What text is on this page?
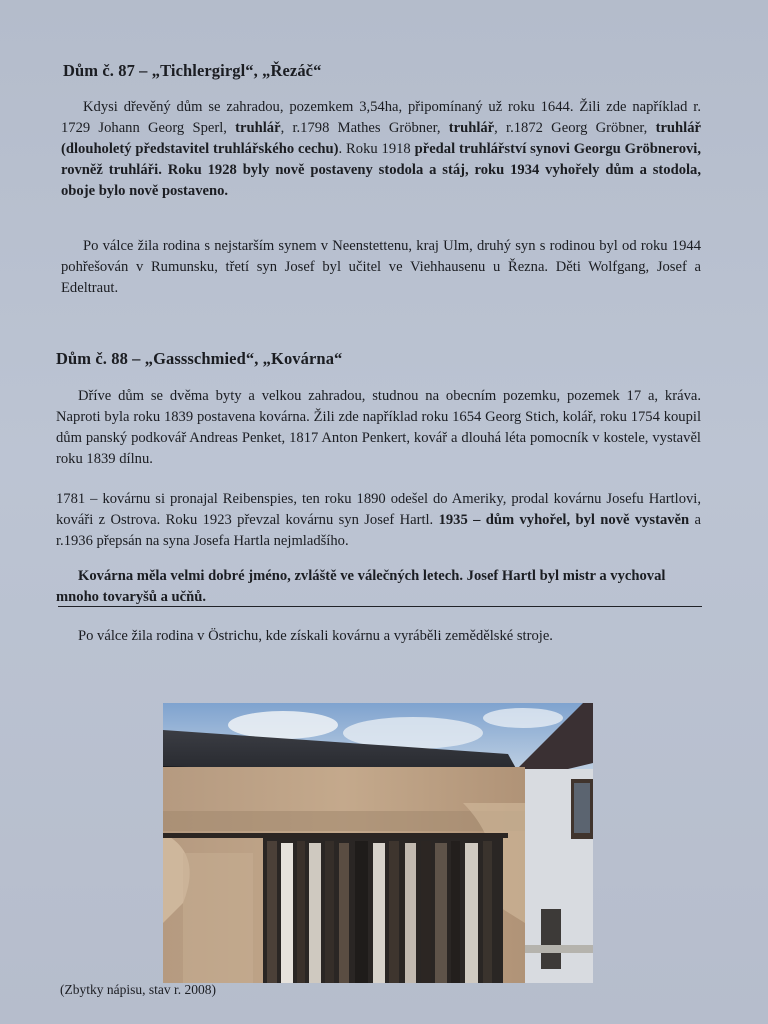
Dům č. 87 – „Tichlergirgl“, „Řezáč“

Kdysi dřevěný dům se zahradou, pozemkem 3,54ha, připomínaný už roku 1644. Žili zde například r. 1729 Johann Georg Sperl, truhlář, r.1798 Mathes Gröbner, truhlář, r.1872 Georg Gröbner, truhlář (dlouholetý představitel truhlářského cechu). Roku 1918 předal truhlářství synovi Georgu Gröbnerovi, rovněž truhláři. Roku 1928 byly nově postaveny stodola a stáj, roku 1934 vyhořely dům a stodola, oboje bylo nově postaveno.

Po válce žila rodina s nejstarším synem v Neenstettenu, kraj Ulm, druhý syn s rodinou byl od roku 1944 pohřešován v Rumunsku, třetí syn Josef byl učitel ve Viehhausenu u Řezna. Děti Wolfgang, Josef a Edeltraut.

Dům č. 88 – „Gassschmied“, „Kovárna“

Dříve dům se dvěma byty a velkou zahradou, studnou na obecním pozemku, pozemek 17 a, kráva. Naproti byla roku 1839 postavena kovárna. Žili zde například roku 1654 Georg Stich, kolář, roku 1754 koupil dům panský podkovář Andreas Penket, 1817 Anton Penkert, kovář a dlouhá léta pomocník v kostele, vystavěl roku 1839 dílnu.

1781 – kovárnu si pronajal Reibenspies, ten roku 1890 odešel do Ameriky, prodal kovárnu Josefu Hartlovi, kováři z Ostrova. Roku 1923 převzal kovárnu syn Josef Hartl. 1935 – dům vyhořel, byl nově vystavěn a r.1936 přepsán na syna Josefa Hartla nejmladšího.

Kovárna měla velmi dobré jméno, zvláště ve válečných letech. Josef Hartl byl mistr a vychoval mnoho tovaryšů a učňů.

Po válce žila rodina v Östrichu, kde získali kovárnu a vyráběli zemědělské stroje.

(Zbytky nápisu, stav r. 2008)
